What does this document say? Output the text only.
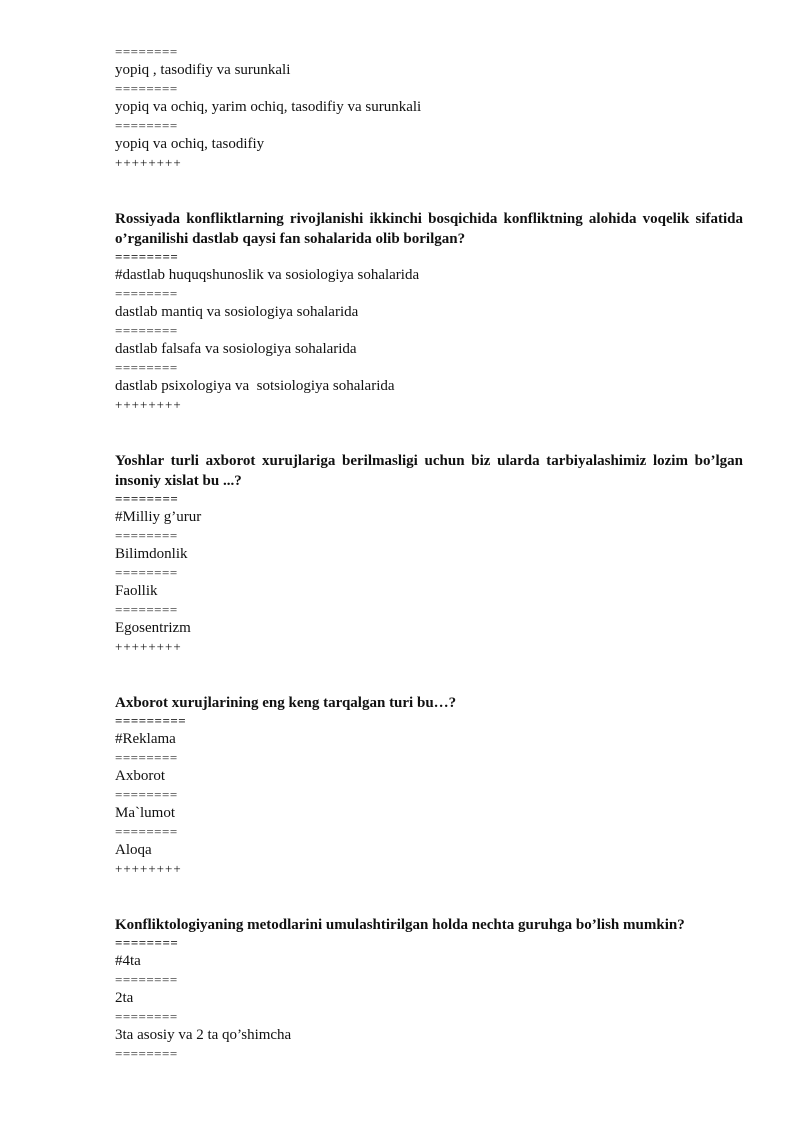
========
yopiq , tasodifiy va surunkali
========
yopiq va ochiq, yarim ochiq, tasodifiy va surunkali
========
yopiq va ochiq, tasodifiy
++++++++
Rossiyada konfliktlarning rivojlanishi ikkinchi bosqichida konfliktning alohida voqelik sifatida o’rganilishi dastlab qaysi fan sohalarida olib borilgan?
========
#dastlab huquqshunoslik va sosiologiya sohalarida
========
dastlab mantiq va sosiologiya sohalarida
========
dastlab falsafa va sosiologiya sohalarida
========
dastlab psixologiya va  sotsiologiya sohalarida
++++++++
Yoshlar turli axborot xurujlariga berilmasligi uchun biz ularda tarbiyalashimiz lozim bo’lgan insoniy xislat bu ...?
========
#Milliy g’urur
========
Bilimdonlik
========
Faollik
========
Egosentrizm
++++++++
Axborot xurujlarining eng keng tarqalgan turi bu…?
=========
#Reklama
========
Axborot
========
Ma`lumot
========
Aloqa
++++++++
Konfliktologiyaning metodlarini umulashtirilgan holda nechta guruhga bo’lish mumkin?
========
#4ta
========
2ta
========
3ta asosiy va 2 ta qo’shimcha
========
